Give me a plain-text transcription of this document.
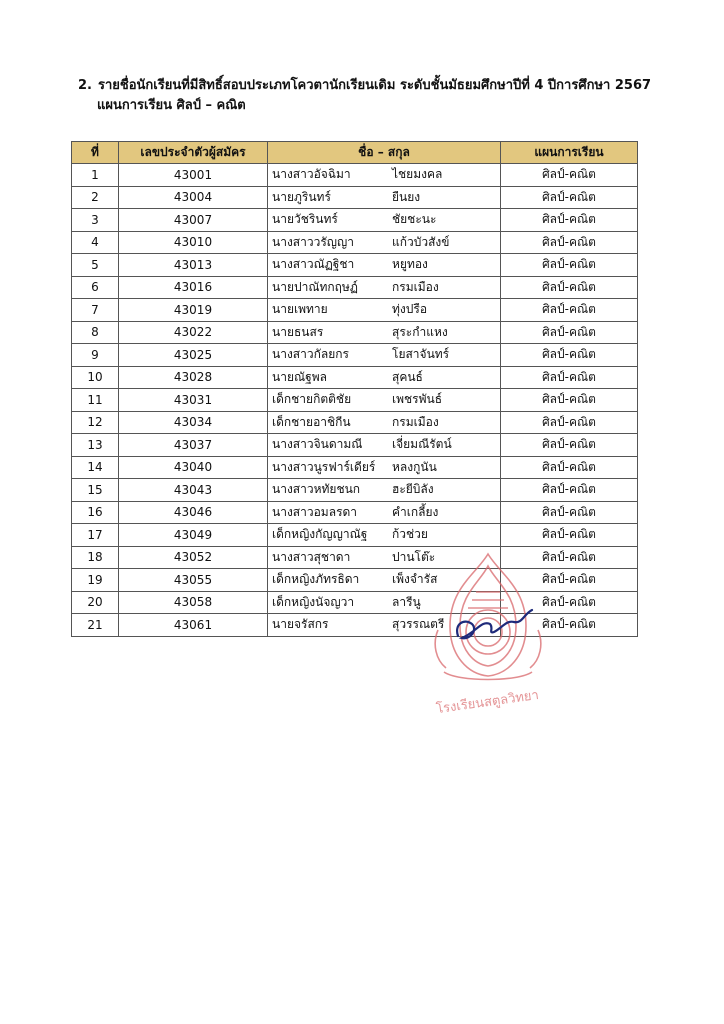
2. รายชื่อนักเรียนที่มีสิทธิ์สอบประเภทโควตานักเรียนเดิม ระดับชั้นมัธยมศึกษาปีที่ 4 ปีการศึกษา 2567
แผนการเรียน ศิลป์ – คณิต
ที่	เลขประจำตัวผู้สมัคร	ชื่อ – สกุล	แผนการเรียน
1	43001	นางสาวอัจฉิมา ไชยมงคล	ศิลป์-คณิต
2	43004	นายภูรินทร์ ยืนยง	ศิลป์-คณิต
3	43007	นายวัชรินทร์ ชัยชะนะ	ศิลป์-คณิต
4	43010	นางสาววรัญญา แก้วบัวสังข์	ศิลป์-คณิต
5	43013	นางสาวณัฏฐิชา หยูทอง	ศิลป์-คณิต
6	43016	นายปาณัทกฤษฏ์ กรมเมือง	ศิลป์-คณิต
7	43019	นายเพทาย ทุ่งปรือ	ศิลป์-คณิต
8	43022	นายธนสร สุระกำแหง	ศิลป์-คณิต
9	43025	นางสาวกัลยกร โยสาจันทร์	ศิลป์-คณิต
10	43028	นายณัฐพล สุคนธ์	ศิลป์-คณิต
11	43031	เด็กชายกิตติชัย เพชรพันธ์	ศิลป์-คณิต
12	43034	เด็กชายอาชิกีน กรมเมือง	ศิลป์-คณิต
13	43037	นางสาวจินดามณี เจี่ยมณีรัตน์	ศิลป์-คณิต
14	43040	นางสาวนูรฟาร์เดียร์ หลงกูนัน	ศิลป์-คณิต
15	43043	นางสาวหทัยชนก ฮะยีบิลัง	ศิลป์-คณิต
16	43046	นางสาวอมลรดา คำเกลี้ยง	ศิลป์-คณิต
17	43049	เด็กหญิงกัญญาณัฐ ก้วช่วย	ศิลป์-คณิต
18	43052	นางสาวสุชาดา ปานโต๊ะ	ศิลป์-คณิต
19	43055	เด็กหญิงภัทรธิดา เพ็งจำรัส	ศิลป์-คณิต
20	43058	เด็กหญิงนัจญวา ลารีนู	ศิลป์-คณิต
21	43061	นายจรัสกร สุวรรณตรี	ศิลป์-คณิต
โรงเรียนสตูลวิทยา
